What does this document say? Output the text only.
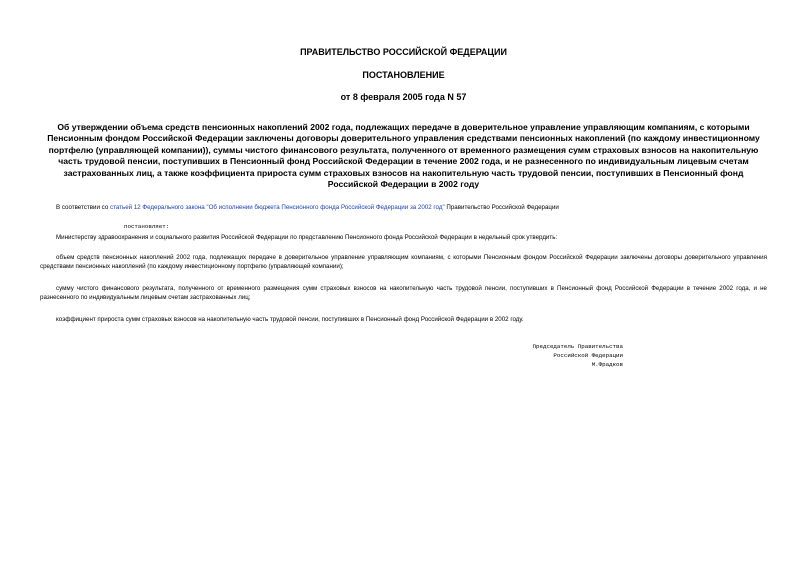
ПРАВИТЕЛЬСТВО РОССИЙСКОЙ ФЕДЕРАЦИИ
ПОСТАНОВЛЕНИЕ
от 8 февраля 2005 года N 57
Об утверждении объема средств пенсионных накоплений 2002 года, подлежащих передаче в доверительное управление управляющим компаниям, с которыми Пенсионным фондом Российской Федерации заключены договоры доверительного управления средствами пенсионных накоплений (по каждому инвестиционному портфелю (управляющей компании)), суммы чистого финансового результата, полученного от временного размещения сумм страховых взносов на накопительную часть трудовой пенсии, поступивших в Пенсионный фонд Российской Федерации в течение 2002 года, и не разнесенного по индивидуальным лицевым счетам застрахованных лиц, а также коэффициента прироста сумм страховых взносов на накопительную часть трудовой пенсии, поступивших в Пенсионный фонд Российской Федерации в 2002 году
В соответствии со статьей 12 Федерального закона "Об исполнении бюджета Пенсионного фонда Российской Федерации за 2002 год" Правительство Российской Федерации
постановляет:
Министерству здравоохранения и социального развития Российской Федерации по представлению Пенсионного фонда Российской Федерации в недельный срок утвердить:
объем средств пенсионных накоплений 2002 года, подлежащих передаче в доверительное управление управляющим компаниям, с которыми Пенсионным фондом Российской Федерации заключены договоры доверительного управления средствами пенсионных накоплений (по каждому инвестиционному портфелю (управляющей компании);
сумму чистого финансового результата, полученного от временного размещения сумм страховых взносов на накопительную часть трудовой пенсии, поступивших в Пенсионный фонд Российской Федерации в течение 2002 года, и не разнесенного по индивидуальным лицевым счетам застрахованных лиц;
коэффициент прироста сумм страховых взносов на накопительную часть трудовой пенсии, поступивших в Пенсионный фонд Российской Федерации в 2002 году.
Председатель Правительства
Российской Федерации
М.Фрадков
